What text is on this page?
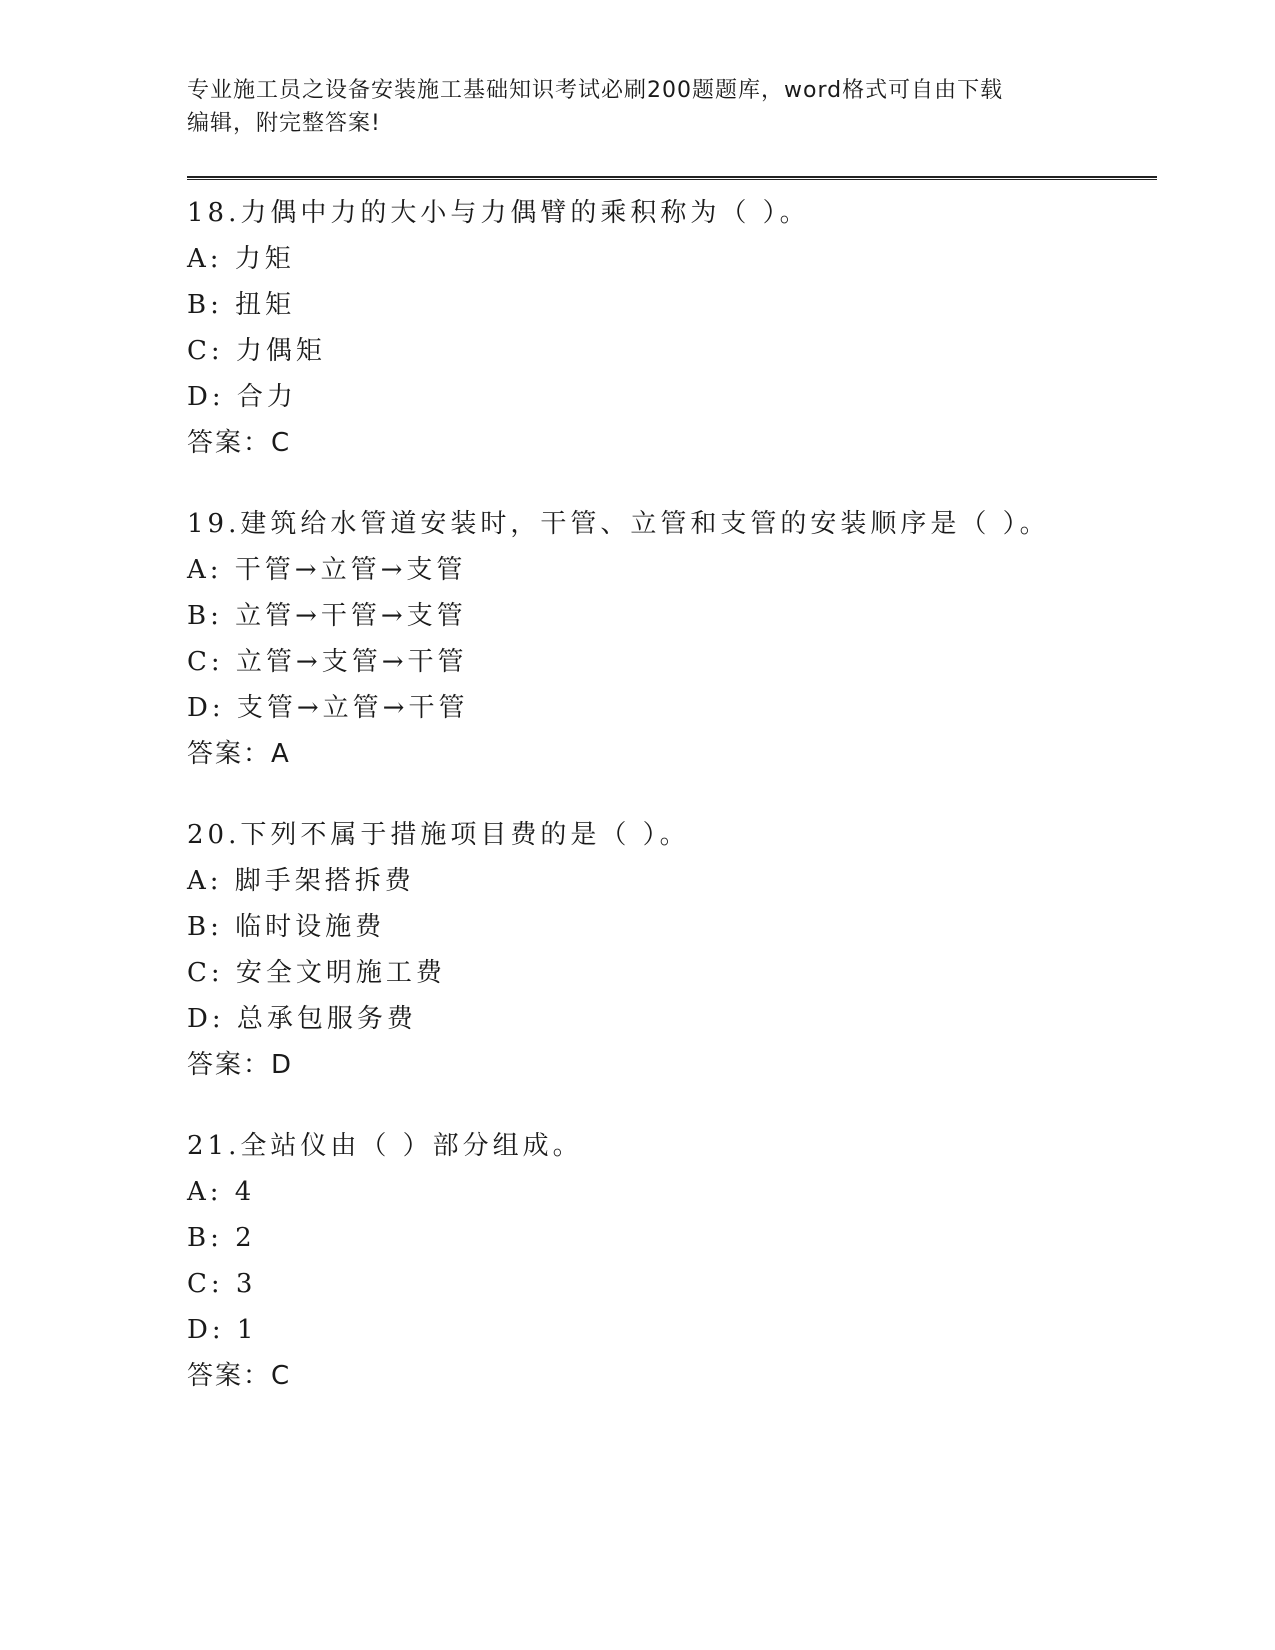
专业施工员之设备安装施工基础知识考试必刷200题题库，word格式可自由下载
编辑，附完整答案!
18.力偶中力的大小与力偶臂的乘积称为（ ）。
A: 力矩
B: 扭矩
C: 力偶矩
D: 合力
答案：C
19.建筑给水管道安装时，干管、立管和支管的安装顺序是（ ）。
A: 干管→立管→支管
B: 立管→干管→支管
C: 立管→支管→干管
D: 支管→立管→干管
答案：A
20.下列不属于措施项目费的是（ ）。
A: 脚手架搭拆费
B: 临时设施费
C: 安全文明施工费
D: 总承包服务费
答案：D
21.全站仪由（ ）部分组成。
A: 4
B: 2
C: 3
D: 1
答案：C
